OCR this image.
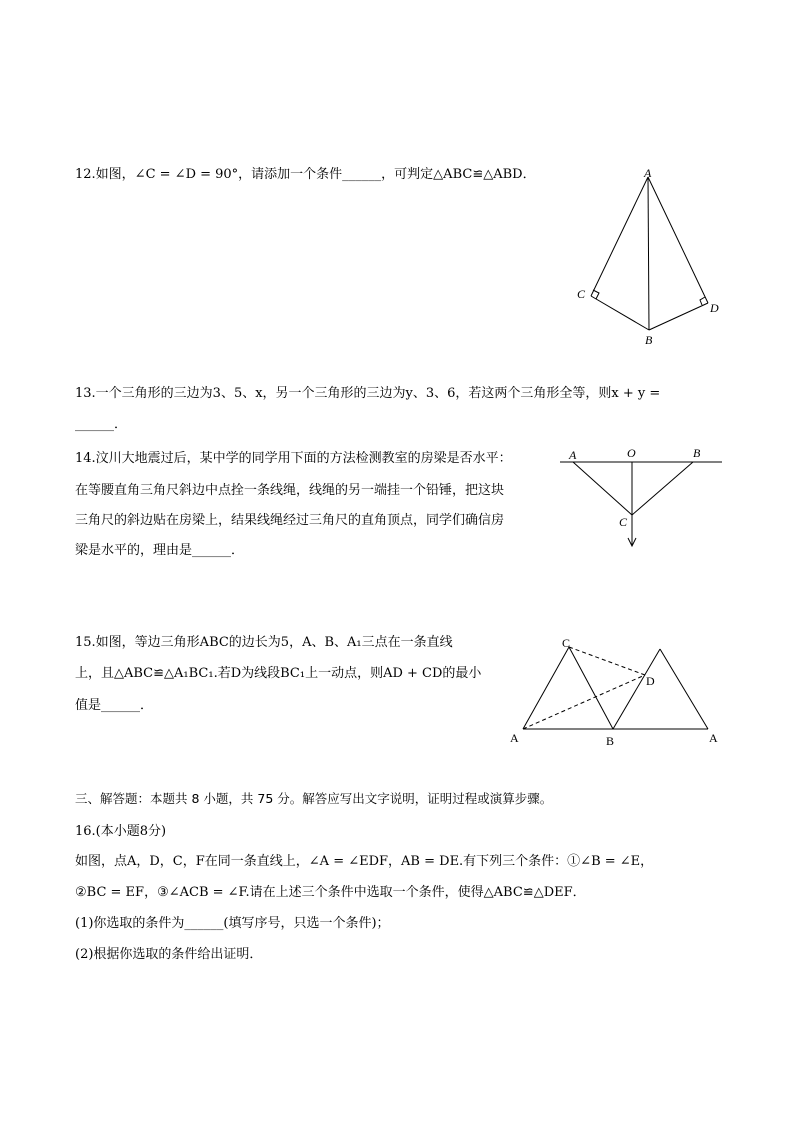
12.如图，∠C = ∠D = 90°，请添加一个条件______，可判定△ABC≌△ABD．	A
C
D
B
13.一个三角形的三边为3、5、x，另一个三角形的三边为y、3、6，若这两个三角形全等，则x + y =
______．
14.汶川大地震过后，某中学的同学用下面的方法检测教室的房梁是否水平：
在等腰直角三角尺斜边中点拴一条线绳，线绳的另一端挂一个铅锤，把这块
三角尺的斜边贴在房梁上，结果线绳经过三角尺的直角顶点，同学们确信房
梁是水平的，理由是______．
A	O	B
C
15.如图，等边三角形ABC的边长为5，A、B、A₁三点在一条直线
上，且△ABC≌△A₁BC₁.若D为线段BC₁上一动点，则AD + CD的最小
值是______．
C
D
A	B	A
三、解答题：本题共 8 小题，共 75 分。解答应写出文字说明，证明过程或演算步骤。
16.(本小题8分)
如图，点A，D，C，F在同一条直线上，∠A = ∠EDF，AB = DE.有下列三个条件：①∠B = ∠E，
②BC = EF，③∠ACB = ∠F.请在上述三个条件中选取一个条件，使得△ABC≌△DEF．
(1)你选取的条件为______(填写序号，只选一个条件)；
(2)根据你选取的条件给出证明．
